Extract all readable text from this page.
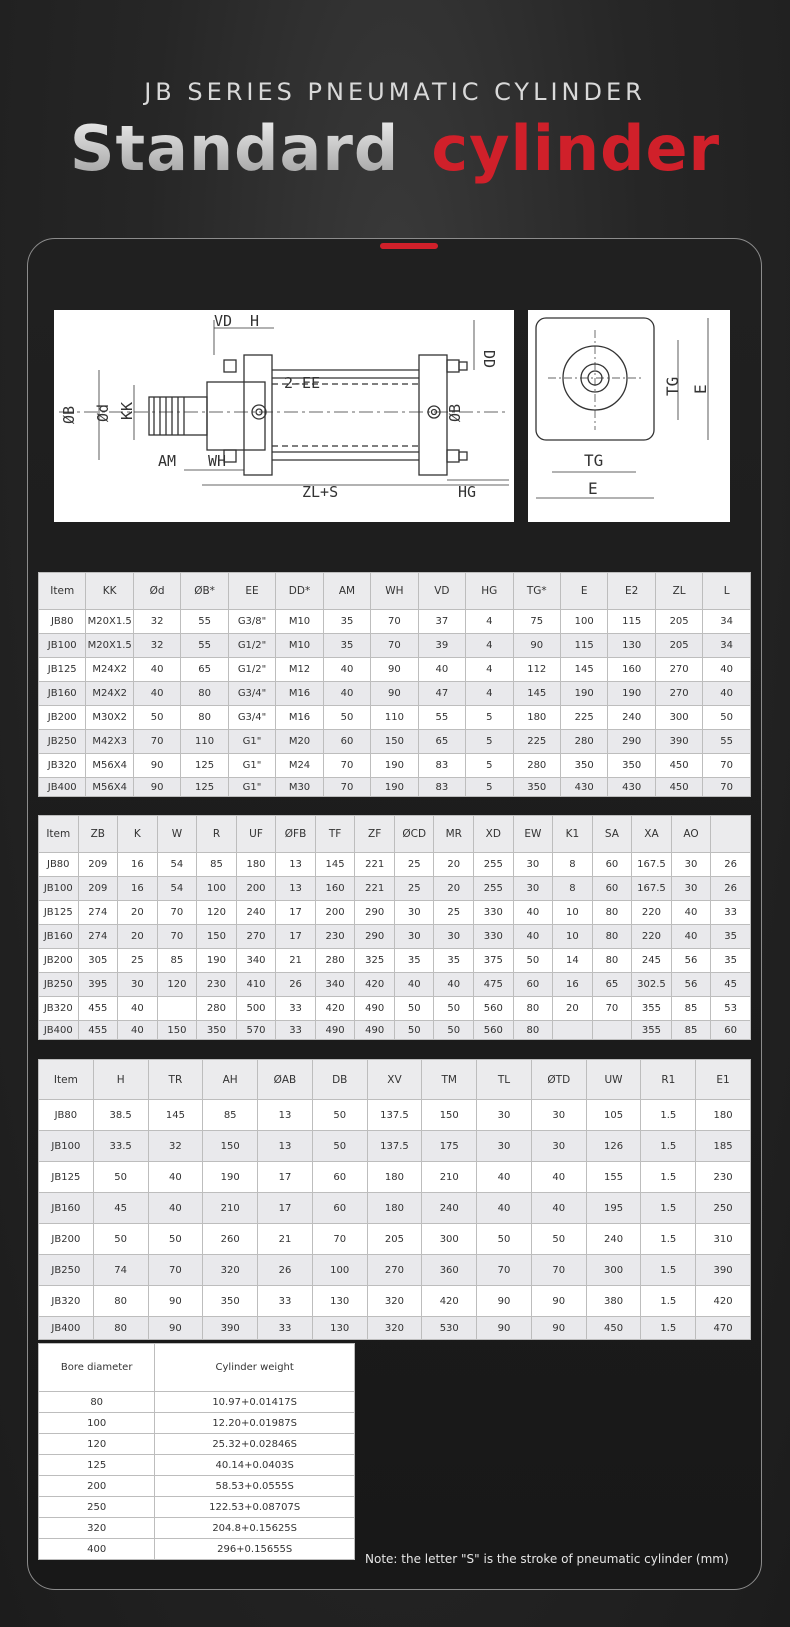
JB SERIES PNEUMATIC CYLINDER
Standard cylinder
VD H
2-EE
DD
ØB Ød KK	ØB
AM WH
ZL+S	HG
TG E
TG
E
Item	KK	Ød	ØB*	EE	DD*	AM	WH	VD	HG	TG*	E	E2	ZL	L
JB80	M20X1.5	32	55	G3/8"	M10	35	70	37	4	75	100	115	205	34
JB100	M20X1.5	32	55	G1/2"	M10	35	70	39	4	90	115	130	205	34
JB125	M24X2	40	65	G1/2"	M12	40	90	40	4	112	145	160	270	40
JB160	M24X2	40	80	G3/4"	M16	40	90	47	4	145	190	190	270	40
JB200	M30X2	50	80	G3/4"	M16	50	110	55	5	180	225	240	300	50
JB250	M42X3	70	110	G1"	M20	60	150	65	5	225	280	290	390	55
JB320	M56X4	90	125	G1"	M24	70	190	83	5	280	350	350	450	70
JB400	M56X4	90	125	G1"	M30	70	190	83	5	350	430	430	450	70
Item	ZB	K	W	R	UF	ØFB	TF	ZF	ØCD	MR	XD	EW	K1	SA	XA	AO	
JB80	209	16	54	85	180	13	145	221	25	20	255	30	8	60	167.5	30	26
JB100	209	16	54	100	200	13	160	221	25	20	255	30	8	60	167.5	30	26
JB125	274	20	70	120	240	17	200	290	30	25	330	40	10	80	220	40	33
JB160	274	20	70	150	270	17	230	290	30	30	330	40	10	80	220	40	35
JB200	305	25	85	190	340	21	280	325	35	35	375	50	14	80	245	56	35
JB250	395	30	120	230	410	26	340	420	40	40	475	60	16	65	302.5	56	45
JB320	455	40		280	500	33	420	490	50	50	560	80	20	70	355	85	53
JB400	455	40	150	350	570	33	490	490	50	50	560	80			355	85	60
Item	H	TR	AH	ØAB	DB	XV	TM	TL	ØTD	UW	R1	E1
JB80	38.5	145	85	13	50	137.5	150	30	30	105	1.5	180
JB100	33.5	32	150	13	50	137.5	175	30	30	126	1.5	185
JB125	50	40	190	17	60	180	210	40	40	155	1.5	230
JB160	45	40	210	17	60	180	240	40	40	195	1.5	250
JB200	50	50	260	21	70	205	300	50	50	240	1.5	310
JB250	74	70	320	26	100	270	360	70	70	300	1.5	390
JB320	80	90	350	33	130	320	420	90	90	380	1.5	420
JB400	80	90	390	33	130	320	530	90	90	450	1.5	470
Bore diameter	Cylinder weight
80	10.97+0.01417S
100	12.20+0.01987S
120	25.32+0.02846S
125	40.14+0.0403S
200	58.53+0.0555S
250	122.53+0.08707S
320	204.8+0.15625S
400	296+0.15655S
Note: the letter "S" is the stroke of pneumatic cylinder (mm)
